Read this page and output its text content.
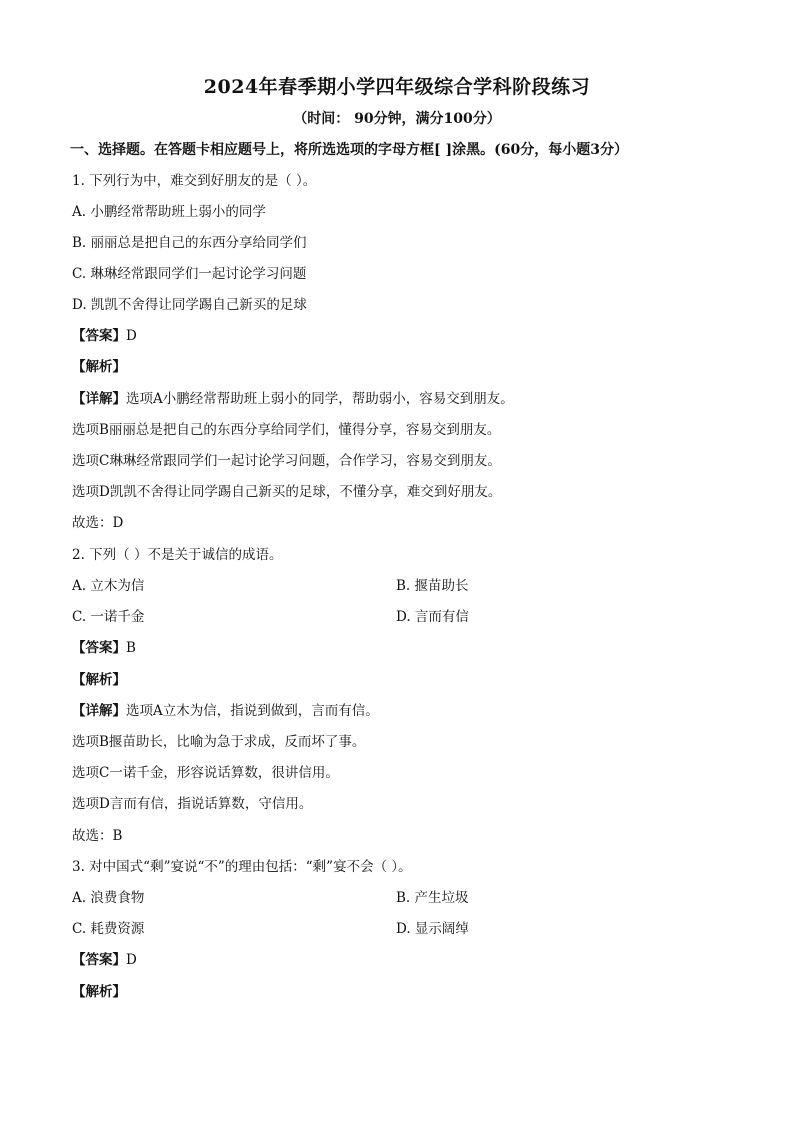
2024年春季期小学四年级综合学科阶段练习
（时间： 90分钟，满分100分）
一、选择题。在答题卡相应题号上，将所选选项的字母方框[ ]涂黑。(60分，每小题3分）
1. 下列行为中，难交到好朋友的是（ ）。
A. 小鹏经常帮助班上弱小的同学
B. 丽丽总是把自己的东西分享给同学们
C. 琳琳经常跟同学们一起讨论学习问题
D. 凯凯不舍得让同学踢自己新买的足球
【答案】D
【解析】
【详解】选项A小鹏经常帮助班上弱小的同学，帮助弱小，容易交到朋友。
选项B丽丽总是把自己的东西分享给同学们，懂得分享，容易交到朋友。
选项C琳琳经常跟同学们一起讨论学习问题，合作学习，容易交到朋友。
选项D凯凯不舍得让同学踢自己新买的足球，不懂分享，难交到好朋友。
故选：D
2. 下列（ ）不是关于诚信的成语。
A. 立木为信	B. 揠苗助长
C. 一诺千金	D. 言而有信
【答案】B
【解析】
【详解】选项A立木为信，指说到做到，言而有信。
选项B揠苗助长，比喻为急于求成，反而坏了事。
选项C一诺千金，形容说话算数，很讲信用。
选项D言而有信，指说话算数，守信用。
故选：B
3. 对中国式“剩”宴说“不”的理由包括：“剩”宴不会（ ）。
A. 浪费食物	B. 产生垃圾
C. 耗费资源	D. 显示阔绰
【答案】D
【解析】
